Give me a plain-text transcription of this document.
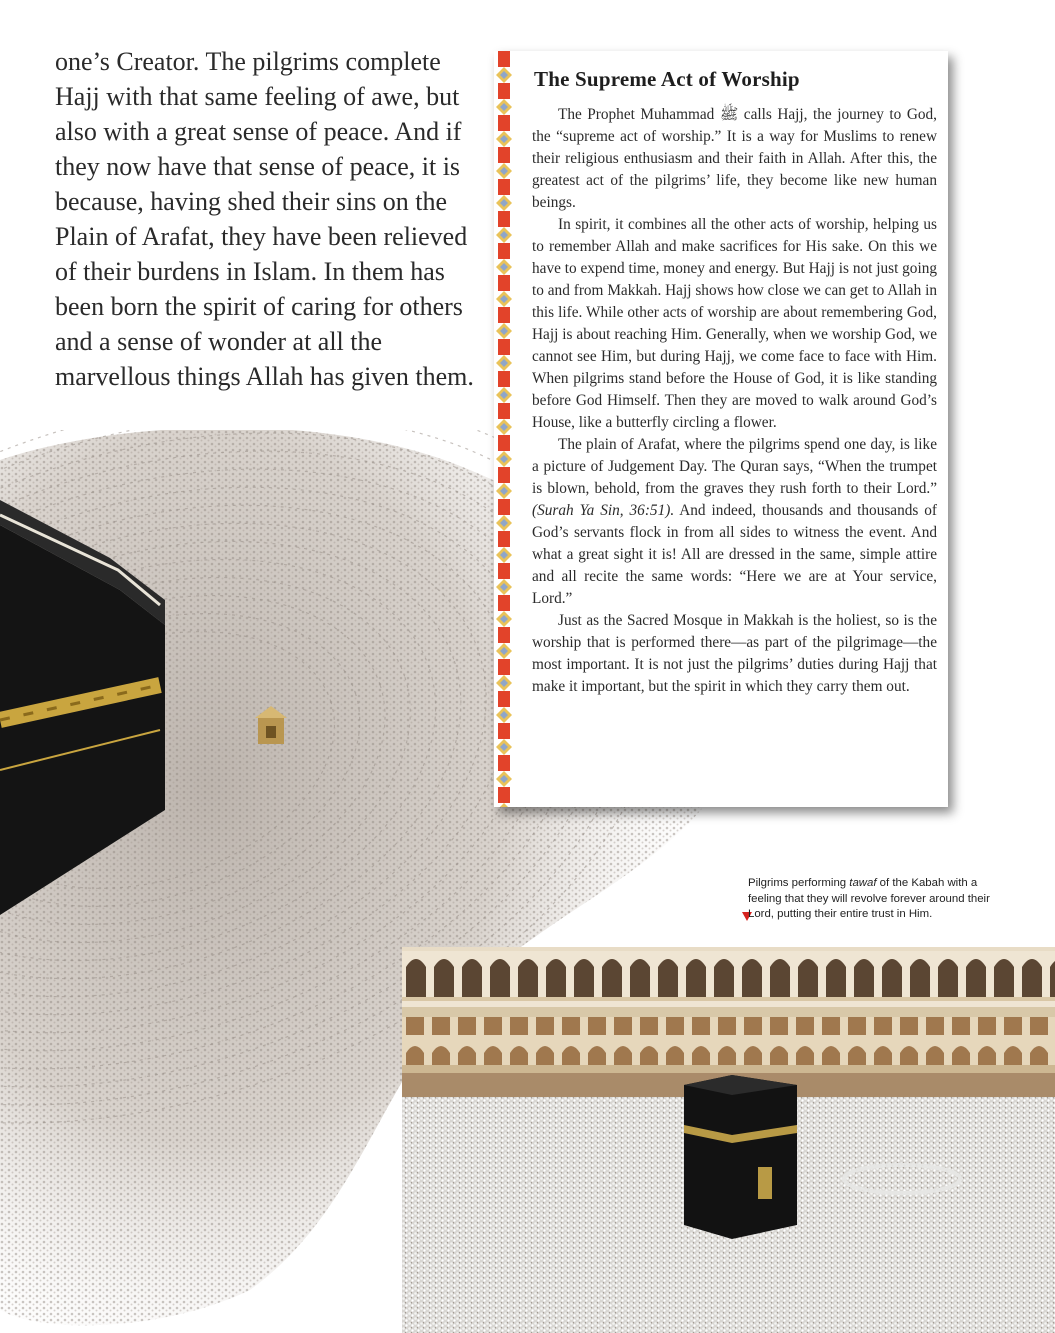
one’s Creator. The pilgrims complete Hajj with that same feeling of awe, but also with a great sense of peace. And if they now have that sense of peace, it is because, having shed their sins on the Plain of Arafat, they have been relieved of their burdens in Islam. In them has been born the spirit of caring for others and a sense of wonder at all the marvellous things Allah has given them.

The Supreme Act of Worship

The Prophet Muhammad ﷺ calls Hajj, the journey to God, the “supreme act of worship.” It is a way for Muslims to renew their religious enthusiasm and their faith in Allah. After this, the greatest act of the pilgrims’ life, they become like new human beings.

In spirit, it combines all the other acts of worship, helping us to remember Allah and make sacrifices for His sake. On this we have to expend time, money and energy. But Hajj is not just going to and from Makkah. Hajj shows how close we can get to Allah in this life. While other acts of worship are about remembering God, Hajj is about reaching Him. Generally, when we worship God, we cannot see Him, but during Hajj, we come face to face with Him. When pilgrims stand before the House of God, it is like standing before God Himself. Then they are moved to walk around God’s House, like a butterfly circling a flower.

The plain of Arafat, where the pilgrims spend one day, is like a picture of Judgement Day. The Quran says, “When the trumpet is blown, behold, from the graves they rush forth to their Lord.” (Surah Ya Sin, 36:51). And indeed, thousands and thousands of God’s servants flock in from all sides to witness the event. And what a great sight it is! All are dressed in the same, simple attire and all recite the same words: “Here we are at Your service, Lord.”

Just as the Sacred Mosque in Makkah is the holiest, so is the worship that is performed there—as part of the pilgrimage—the most important. It is not just the pilgrims’ duties during Hajj that make it important, but the spirit in which they carry them out.

Pilgrims performing tawaf of the Kabah with a feeling that they will revolve forever around their Lord, putting their entire trust in Him.
